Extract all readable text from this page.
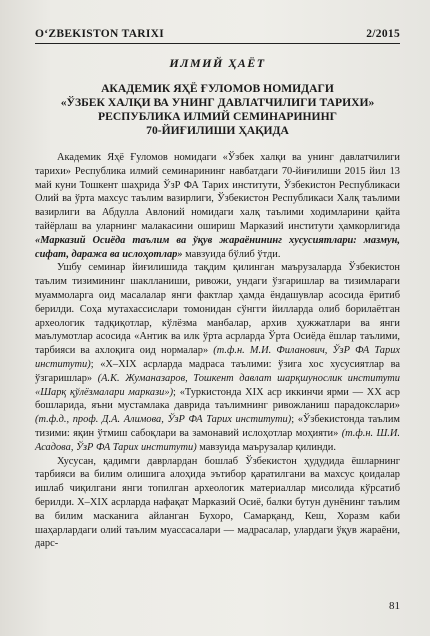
O‘ZBEKISTON TARIXI	2/2015
ИЛМИЙ ҲАЁТ
АКАДЕМИК ЯҲЁ ҒУЛОМОВ НОМИДАГИ
«ЎЗБЕК ХАЛҚИ ВА УНИНГ ДАВЛАТЧИЛИГИ ТАРИХИ»
РЕСПУБЛИКА ИЛМИЙ СЕМИНАРИНИНГ
70-ЙИҒИЛИШИ ҲАҚИДА

Академик Яҳё Ғуломов номидаги «Ўзбек халқи ва унинг давлатчилиги тарихи» Республика илмий семинарининг навбатдаги 70-йиғилиши 2015 йил 13 май куни Тошкент шаҳрида ЎзР ФА Тарих институти, Ўзбекистон Республикаси Олий ва ўрта махсус таълим вазирлиги, Ўзбекистон Республикаси Халқ таълими вазирлиги ва Абдулла Авлоний номидаги халқ таълими ходимларини қайта тайёрлаш ва уларнинг малакасини ошириш Марказий институти ҳамкорлигида «Марказий Осиёда таълим ва ўқув жараёнининг хусусиятлари: мазмун, сифат, даража ва ислоҳотлар» мавзуида бўлиб ўтди.

Ушбу семинар йиғилишида тақдим қилинган маърузаларда Ўзбекистон таълим тизимининг шаклланиши, ривожи, ундаги ўзгаришлар ва тизимлараги муаммоларга оид масалалар янги фактлар ҳамда ёндашувлар асосида ёритиб берилди. Соҳа мутахассислари томонидан сўнгги йилларда олиб борилаётган археологик тадқиқотлар, кўлёзма манбалар, архив ҳужжатлари ва янги маълумотлар асосида «Антик ва илк ўрта асрларда Ўрта Осиёда ёшлар таълими, тарбияси ва ахлоқига оид нормалар» (т.ф.н. М.И. Филанович, ЎзР ФА Тарих институти); «X–XIX асрларда мадраса таълими: ўзига хос хусусиятлар ва ўзгаришлар» (А.К. Жуманазаров, Тошкент давлат шарқшунослик институти «Шарқ қўлёзмалари маркази»); «Туркистонда XIX аср иккинчи ярми — XX аср бошларида, яъни мустамлака даврида таълимнинг ривожланиш парадокслари» (т.ф.д., проф. Д.А. Алимова, ЎзР ФА Тарих институти); «Ўзбекистонда таълим тизими: яқин ўтмиш сабоқлари ва замонавий ислоҳотлар моҳияти» (т.ф.н. Ш.И. Асадова, ЎзР ФА Тарих институти) мавзуида маърузалар қилинди.

Хусусан, қадимги даврлардан бошлаб Ўзбекистон ҳудудида ёшларнинг тарбияси ва билим олишига алоҳида эътибор қаратилгани ва махсус қоидалар ишлаб чиқилгани янги топилган археологик материаллар мисолида кўрсатиб берилди. X–XIX асрларда нафақат Марказий Осиё, балки бутун дунёнинг таълим ва билим масканига айланган Бухоро, Самарқанд, Кеш, Хоразм каби шаҳарлардаги олий таълим муассасалари — мадрасалар, улардаги ўқув жараёни, дарс-

81
